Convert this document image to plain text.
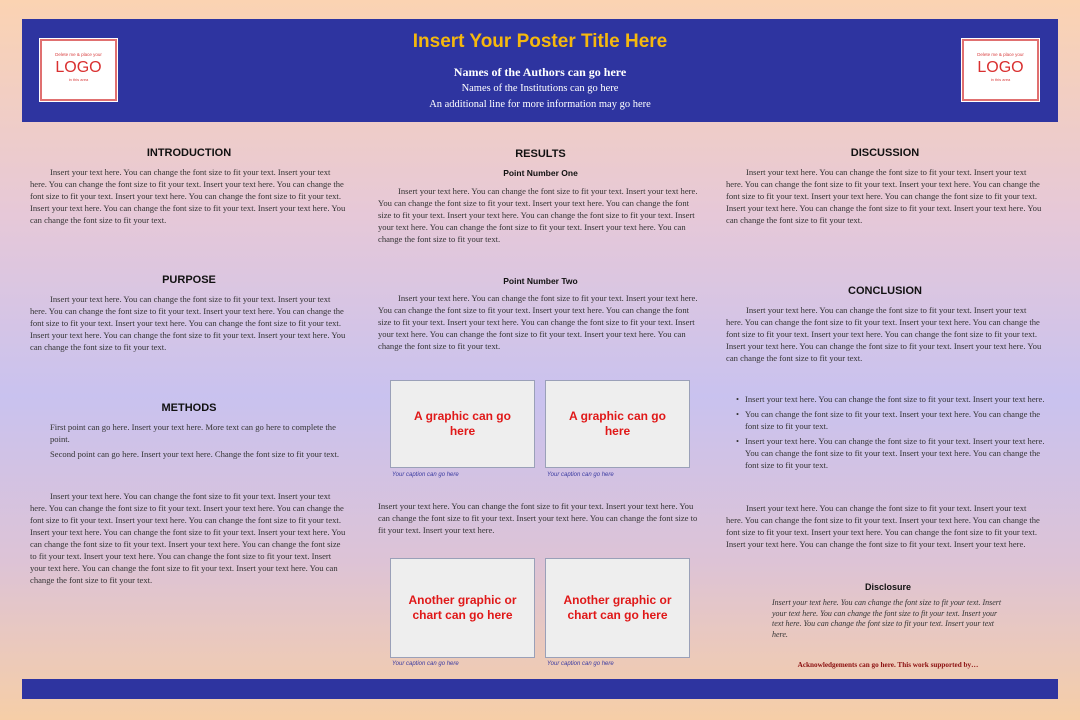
Delete me & place your
LOGO
in this area
Insert Your Poster Title Here
Names of the Authors can go here
Names of the Institutions can go here
An additional line for more information may go here
Delete me & place your
LOGO
in this area
INTRODUCTION
Insert your text here. You can change the font size to fit your text. Insert your text here. You can change the font size to fit your text. Insert your text here. You can change the font size to fit your text. Insert your text here. You can change the font size to fit your text. Insert your text here. You can change the font size to fit your text. Insert your text here. You can change the font size to fit your text.
PURPOSE
Insert your text here. You can change the font size to fit your text. Insert your text here. You can change the font size to fit your text. Insert your text here. You can change the font size to fit your text. Insert your text here. You can change the font size to fit your text. Insert your text here. You can change the font size to fit your text. Insert your text here. You can change the font size to fit your text.
METHODS
First point can go here. Insert your text here. More text can go here to complete the point.
Second point can go here. Insert your text here. Change the font size to fit your text.
Insert your text here. You can change the font size to fit your text. Insert your text here. You can change the font size to fit your text. Insert your text here. You can change the font size to fit your text. Insert your text here. You can change the font size to fit your text. Insert your text here. You can change the font size to fit your text. Insert your text here. You can change the font size to fit your text. Insert your text here. You can change the font size to fit your text. Insert your text here. You can change the font size to fit your text. Insert your text here. You can change the font size to fit your text. Insert your text here. You can change the font size to fit your text.
RESULTS
Point Number One
Insert your text here. You can change the font size to fit your text. Insert your text here. You can change the font size to fit your text. Insert your text here. You can change the font size to fit your text. Insert your text here. You can change the font size to fit your text. Insert your text here. You can change the font size to fit your text. Insert your text here. You can change the font size to fit your text.
Point Number Two
Insert your text here. You can change the font size to fit your text. Insert your text here. You can change the font size to fit your text. Insert your text here. You can change the font size to fit your text. Insert your text here. You can change the font size to fit your text. Insert your text here. You can change the font size to fit your text. Insert your text here. You can change the font size to fit your text.
A graphic can go here
A graphic can go here
Your caption can go here	Your caption can go here
Insert your text here. You can change the font size to fit your text. Insert your text here. You can change the font size to fit your text. Insert your text here. You can change the font size to fit your text. Insert your text here.
Another graphic or chart can go here
Another graphic or chart can go here
Your caption can go here	Your caption can go here
DISCUSSION
Insert your text here. You can change the font size to fit your text. Insert your text here. You can change the font size to fit your text. Insert your text here. You can change the font size to fit your text. Insert your text here. You can change the font size to fit your text. Insert your text here. You can change the font size to fit your text. Insert your text here. You can change the font size to fit your text.
CONCLUSION
Insert your text here. You can change the font size to fit your text. Insert your text here. You can change the font size to fit your text. Insert your text here. You can change the font size to fit your text. Insert your text here. You can change the font size to fit your text. Insert your text here. You can change the font size to fit your text. Insert your text here. You can change the font size to fit your text.
• Insert your text here. You can change the font size to fit your text. Insert your text here.
• You can change the font size to fit your text. Insert your text here. You can change the font size to fit your text.
• Insert your text here. You can change the font size to fit your text. Insert your text here. You can change the font size to fit your text. Insert your text here. You can change the font size to fit your text.
Insert your text here. You can change the font size to fit your text. Insert your text here. You can change the font size to fit your text. Insert your text here. You can change the font size to fit your text. Insert your text here. You can change the font size to fit your text. Insert your text here. You can change the font size to fit your text. Insert your text here.
Disclosure
Insert your text here. You can change the font size to fit your text. Insert your text here. You can change the font size to fit your text. Insert your text here. You can change the font size to fit your text. Insert your text here.
Acknowledgements can go here. This work supported by…
